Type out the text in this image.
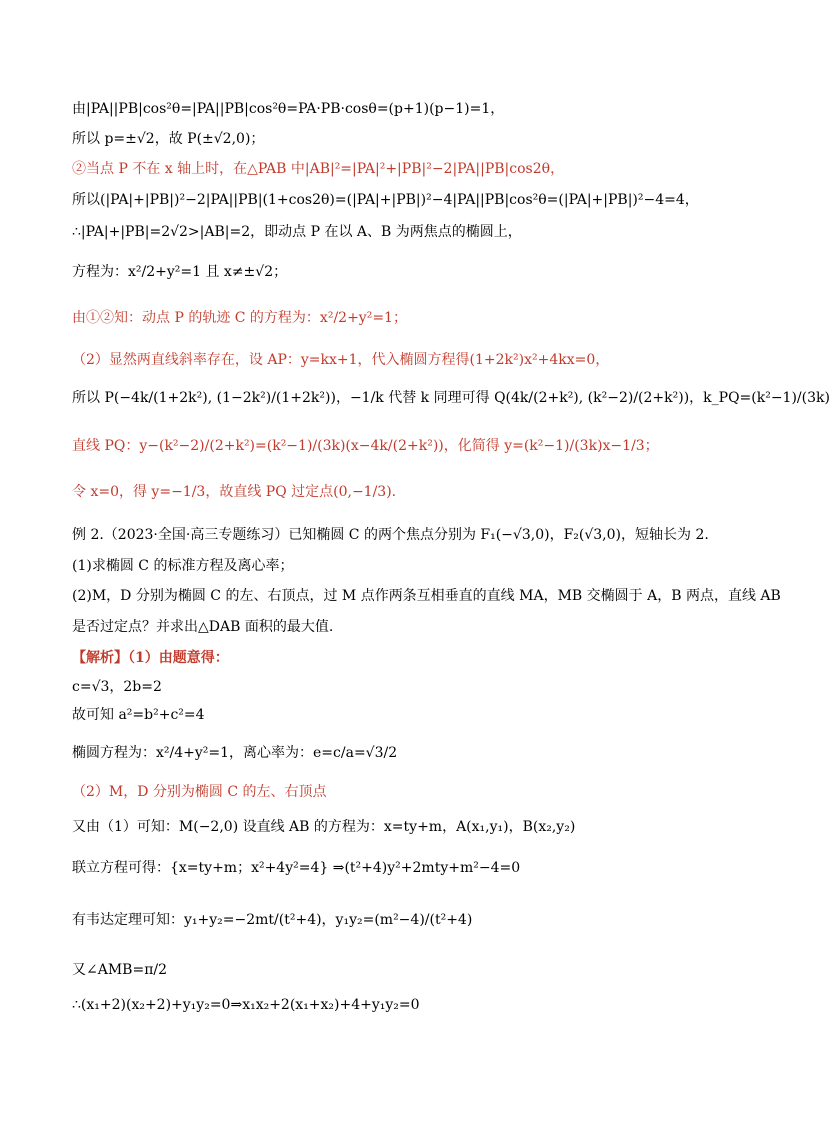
由|PA||PB|cos²θ=|PA||PB|cos²θ=PA·PB·cosθ=(p+1)(p−1)=1，
所以 p=±√2，故 P(±√2,0)；
②当点 P 不在 x 轴上时，在△PAB 中|AB|²=|PA|²+|PB|²−2|PA||PB|cos2θ，
所以(|PA|+|PB|)²−2|PA||PB|(1+cos2θ)=(|PA|+|PB|)²−4|PA||PB|cos²θ=(|PA|+|PB|)²−4=4，
∴|PA|+|PB|=2√2>|AB|=2，即动点 P 在以 A、B 为两焦点的椭圆上，
方程为：x²/2+y²=1 且 x≠±√2；
由①②知：动点 P 的轨迹 C 的方程为：x²/2+y²=1；
（2）显然两直线斜率存在，设 AP：y=kx+1，代入椭圆方程得(1+2k²)x²+4kx=0，
所以 P(−4k/(1+2k²), (1−2k²)/(1+2k²))，−1/k 代替 k 同理可得 Q(4k/(2+k²), (k²−2)/(2+k²))，k_PQ=(k²−1)/(3k)
直线 PQ：y−(k²−2)/(2+k²)=(k²−1)/(3k)(x−4k/(2+k²))，化简得 y=(k²−1)/(3k)x−1/3；
令 x=0，得 y=−1/3，故直线 PQ 过定点(0,−1/3).
例 2.（2023·全国·高三专题练习）已知椭圆 C 的两个焦点分别为 F₁(−√3,0)，F₂(√3,0)，短轴长为 2.
(1)求椭圆 C 的标准方程及离心率；
(2)M，D 分别为椭圆 C 的左、右顶点，过 M 点作两条互相垂直的直线 MA，MB 交椭圆于 A，B 两点，直线 AB
是否过定点？并求出△DAB 面积的最大值.
【解析】（1）由题意得：
c=√3，2b=2
故可知 a²=b²+c²=4
椭圆方程为：x²/4+y²=1，离心率为：e=c/a=√3/2
（2）M，D 分别为椭圆 C 的左、右顶点
又由（1）可知：M(−2,0) 设直线 AB 的方程为：x=ty+m，A(x₁,y₁)，B(x₂,y₂)
联立方程可得：{x=ty+m；x²+4y²=4} ⇒(t²+4)y²+2mty+m²−4=0
有韦达定理可知：y₁+y₂=−2mt/(t²+4)，y₁y₂=(m²−4)/(t²+4)
又∠AMB=π/2
∴(x₁+2)(x₂+2)+y₁y₂=0⇒x₁x₂+2(x₁+x₂)+4+y₁y₂=0
